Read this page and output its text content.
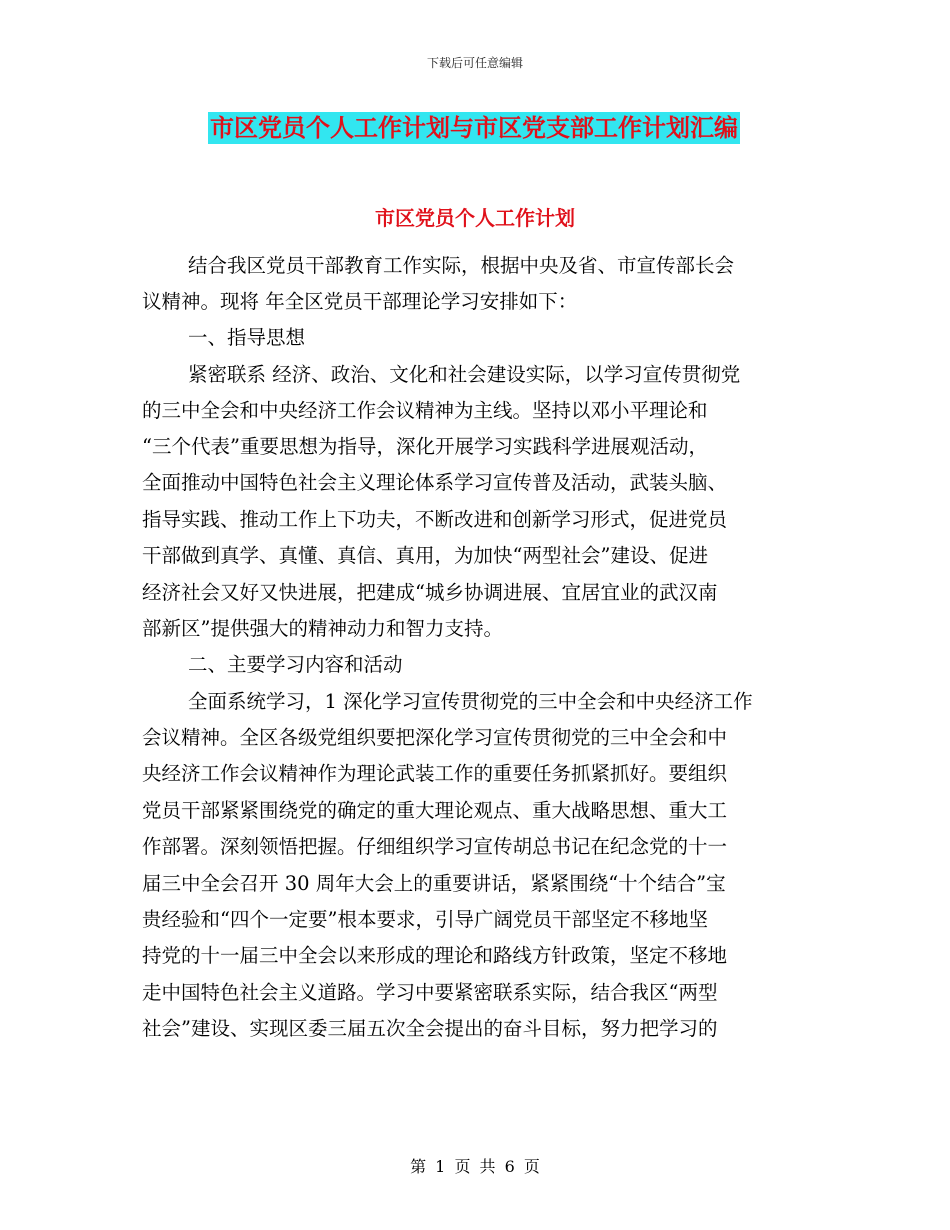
下载后可任意编辑
市区党员个人工作计划与市区党支部工作计划汇编
市区党员个人工作计划
结合我区党员干部教育工作实际，根据中央及省、市宣传部长会
议精神。现将 年全区党员干部理论学习安排如下：
一、指导思想
紧密联系 经济、政治、文化和社会建设实际，以学习宣传贯彻党
的三中全会和中央经济工作会议精神为主线。坚持以邓小平理论和
“三个代表”重要思想为指导，深化开展学习实践科学进展观活动，
全面推动中国特色社会主义理论体系学习宣传普及活动，武装头脑、
指导实践、推动工作上下功夫，不断改进和创新学习形式，促进党员
干部做到真学、真懂、真信、真用，为加快“两型社会”建设、促进
经济社会又好又快进展，把建成“城乡协调进展、宜居宜业的武汉南
部新区”提供强大的精神动力和智力支持。
二、主要学习内容和活动
全面系统学习，1 深化学习宣传贯彻党的三中全会和中央经济工作
会议精神。全区各级党组织要把深化学习宣传贯彻党的三中全会和中
央经济工作会议精神作为理论武装工作的重要任务抓紧抓好。要组织
党员干部紧紧围绕党的确定的重大理论观点、重大战略思想、重大工
作部署。深刻领悟把握。仔细组织学习宣传胡总书记在纪念党的十一
届三中全会召开 30 周年大会上的重要讲话，紧紧围绕“十个结合”宝
贵经验和“四个一定要”根本要求，引导广阔党员干部坚定不移地坚
持党的十一届三中全会以来形成的理论和路线方针政策，坚定不移地
走中国特色社会主义道路。学习中要紧密联系实际，结合我区“两型
社会”建设、实现区委三届五次全会提出的奋斗目标，努力把学习的
第 1 页 共 6 页
